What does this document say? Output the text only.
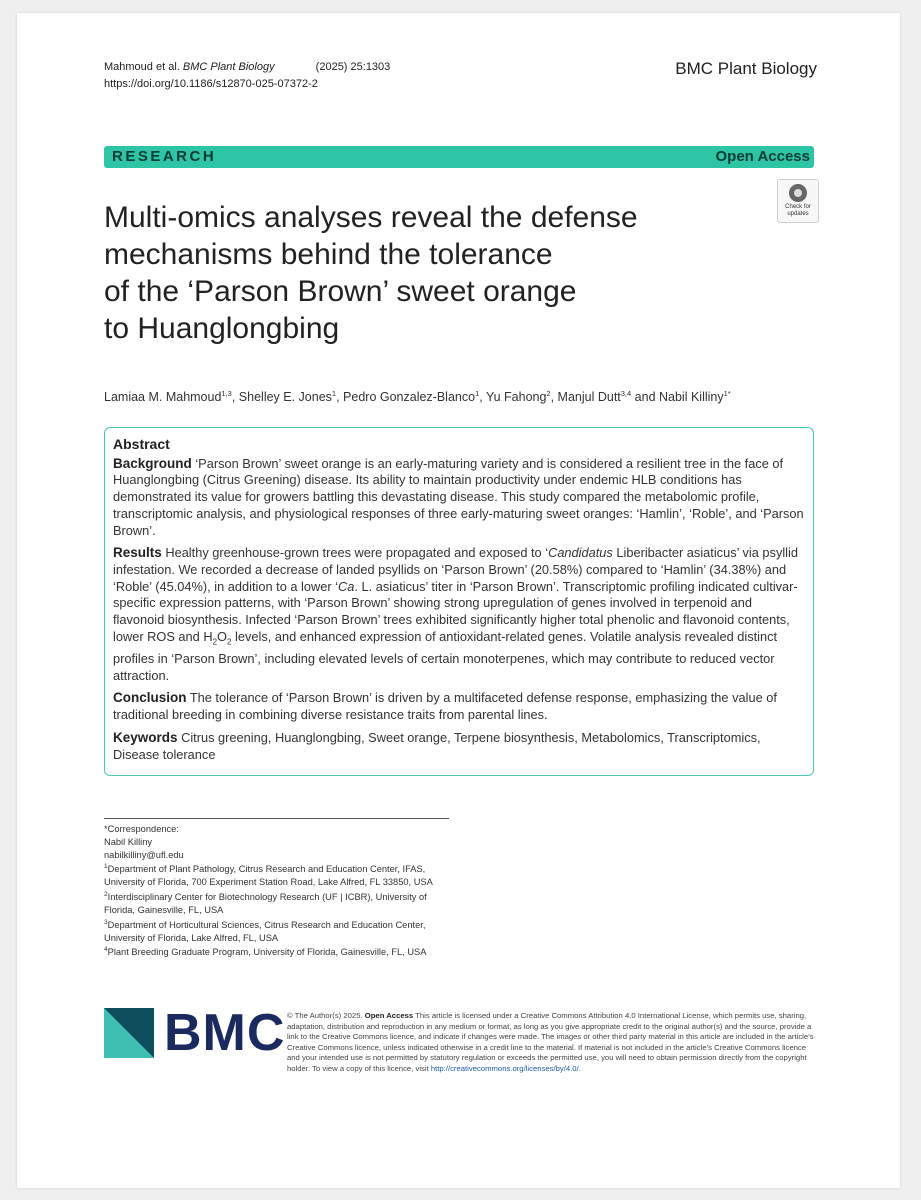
Mahmoud et al. BMC Plant Biology	(2025) 25:1303
https://doi.org/10.1186/s12870-025-07372-2
BMC Plant Biology
RESEARCH	Open Access
Multi-omics analyses reveal the defense
mechanisms behind the tolerance
of the ‘Parson Brown’ sweet orange
to Huanglongbing
Check for
updates
Lamiaa M. Mahmoud$^{1,3}$, Shelley E. Jones$^1$, Pedro Gonzalez-Blanco$^1$, Yu Fahong$^2$, Manjul Dutt$^{3,4}$ and Nabil Killiny$^{1*}$
Abstract

Background ‘Parson Brown’ sweet orange is an early-maturing variety and is considered a resilient tree in the face of Huanglongbing (Citrus Greening) disease. Its ability to maintain productivity under endemic HLB conditions has demonstrated its value for growers battling this devastating disease. This study compared the metabolomic profile, transcriptomic analysis, and physiological responses of three early-maturing sweet oranges: ‘Hamlin’, ‘Roble’, and ‘Parson Brown’.

Results Healthy greenhouse-grown trees were propagated and exposed to ‘Candidatus Liberibacter asiaticus’ via psyllid infestation. We recorded a decrease of landed psyllids on ‘Parson Brown’ (20.58%) compared to ‘Hamlin’ (34.38%) and ‘Roble’ (45.04%), in addition to a lower ‘Ca. L. asiaticus’ titer in ‘Parson Brown’. Transcriptomic profiling indicated cultivar-specific expression patterns, with ‘Parson Brown’ showing strong upregulation of genes involved in terpenoid and flavonoid biosynthesis. Infected ‘Parson Brown’ trees exhibited significantly higher total phenolic and flavonoid contents, lower ROS and $H_2O_2$ levels, and enhanced expression of antioxidant-related genes. Volatile analysis revealed distinct profiles in ‘Parson Brown’, including elevated levels of certain monoterpenes, which may contribute to reduced vector attraction.

Conclusion The tolerance of ‘Parson Brown’ is driven by a multifaceted defense response, emphasizing the value of traditional breeding in combining diverse resistance traits from parental lines.

Keywords Citrus greening, Huanglongbing, Sweet orange, Terpene biosynthesis, Metabolomics, Transcriptomics, Disease tolerance

*Correspondence:

Nabil Killiny

nabilkilliny@ufl.edu

$^1$Department of Plant Pathology, Citrus Research and Education Center, IFAS, University of Florida, 700 Experiment Station Road, Lake Alfred, FL 33850, USA

$^2$Interdisciplinary Center for Biotechnology Research (UF | ICBR), University of Florida, Gainesville, FL, USA

$^3$Department of Horticultural Sciences, Citrus Research and Education Center, University of Florida, Lake Alfred, FL, USA

$^4$Plant Breeding Graduate Program, University of Florida, Gainesville, FL, USA

BMC © The Author(s) 2025. Open Access This article is licensed under a Creative Commons Attribution 4.0 International License, which permits use, sharing, adaptation, distribution and reproduction in any medium or format, as long as you give appropriate credit to the original author(s) and the source, provide a link to the Creative Commons licence, and indicate if changes were made. The images or other third party material in this article are included in the article’s Creative Commons licence, unless indicated otherwise in a credit line to the material. If material is not included in the article’s Creative Commons licence and your intended use is not permitted by statutory regulation or exceeds the permitted use, you will need to obtain permission directly from the copyright holder. To view a copy of this licence, visit http://creativecommons.org/licenses/by/4.0/.
